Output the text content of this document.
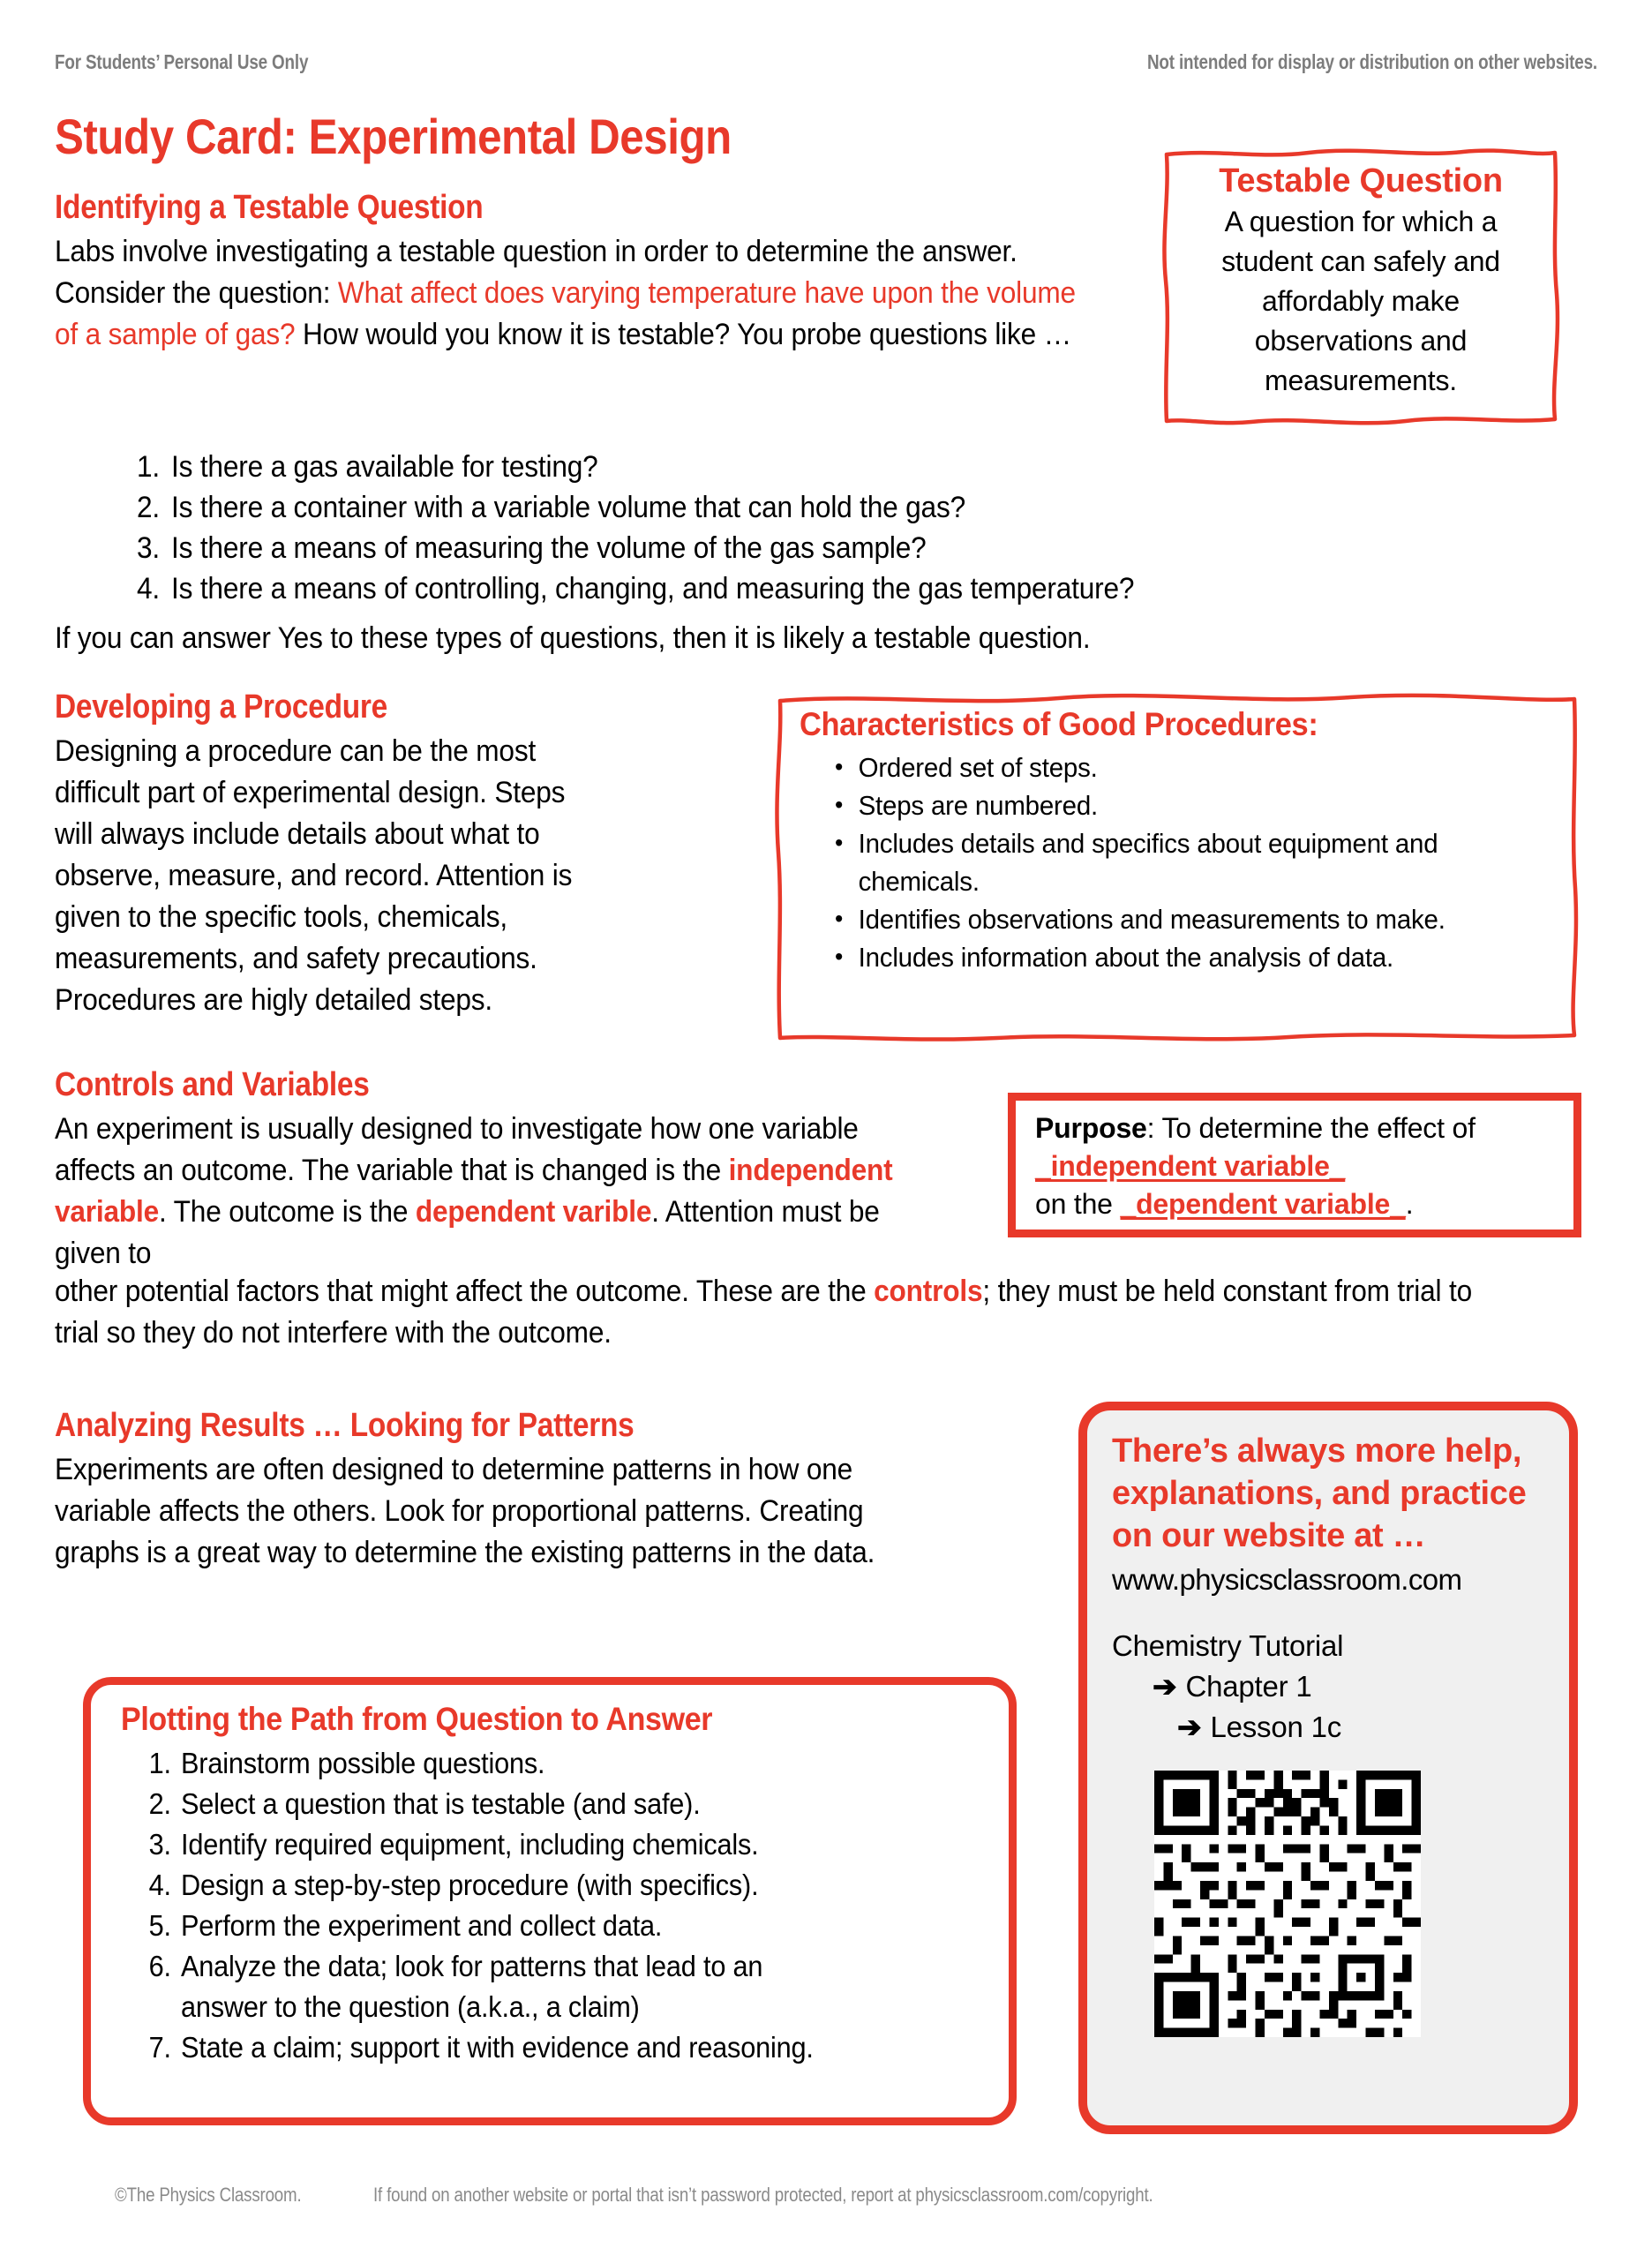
For Students’ Personal Use Only	Not intended for display or distribution on other websites.
Study Card: Experimental Design
Identifying a Testable Question

Labs involve investigating a testable question in order to determine the answer. Consider the question: What affect does varying temperature have upon the volume of a sample of gas? How would you know it is testable? You probe questions like …

1. Is there a gas available for testing?
2. Is there a container with a variable volume that can hold the gas?
3. Is there a means of measuring the volume of the gas sample?
4. Is there a means of controlling, changing, and measuring the gas temperature?

If you can answer Yes to these types of questions, then it is likely a testable question.

Testable Question
A question for which a student can safely and affordably make observations and measurements.
Developing a Procedure

Designing a procedure can be the most difficult part of experimental design. Steps will always include details about what to observe, measure, and record. Attention is given to the specific tools, chemicals, measurements, and safety precautions. Procedures are higly detailed steps.

Characteristics of Good Procedures:
• Ordered set of steps.
• Steps are numbered.
• Includes details and specifics about equipment and chemicals.
• Identifies observations and measurements to make.
• Includes information about the analysis of data.
Controls and Variables

An experiment is usually designed to investigate how one variable affects an outcome. The variable that is changed is the independent variable. The outcome is the dependent varible. Attention must be given to

other potential factors that might affect the outcome. These are the controls; they must be held constant from trial to trial so they do not interfere with the outcome.

Purpose: To determine the effect of
_independent variable_
on the _dependent variable_.
Analyzing Results … Looking for Patterns

Experiments are often designed to determine patterns in how one variable affects the others. Look for proportional patterns. Creating graphs is a great way to determine the existing patterns in the data.

There’s always more help, explanations, and practice on our website at …
www.physicsclassroom.com
Chemistry Tutorial
➔ Chapter 1
➔ Lesson 1c
Plotting the Path from Question to Answer
1. Brainstorm possible questions.
2. Select a question that is testable (and safe).
3. Identify required equipment, including chemicals.
4. Design a step-by-step procedure (with specifics).
5. Perform the experiment and collect data.
6. Analyze the data; look for patterns that lead to an
answer to the question (a.k.a., a claim)
7. State a claim; support it with evidence and reasoning.
©The Physics Classroom.	If found on another website or portal that isn’t password protected, report at physicsclassroom.com/copyright.
